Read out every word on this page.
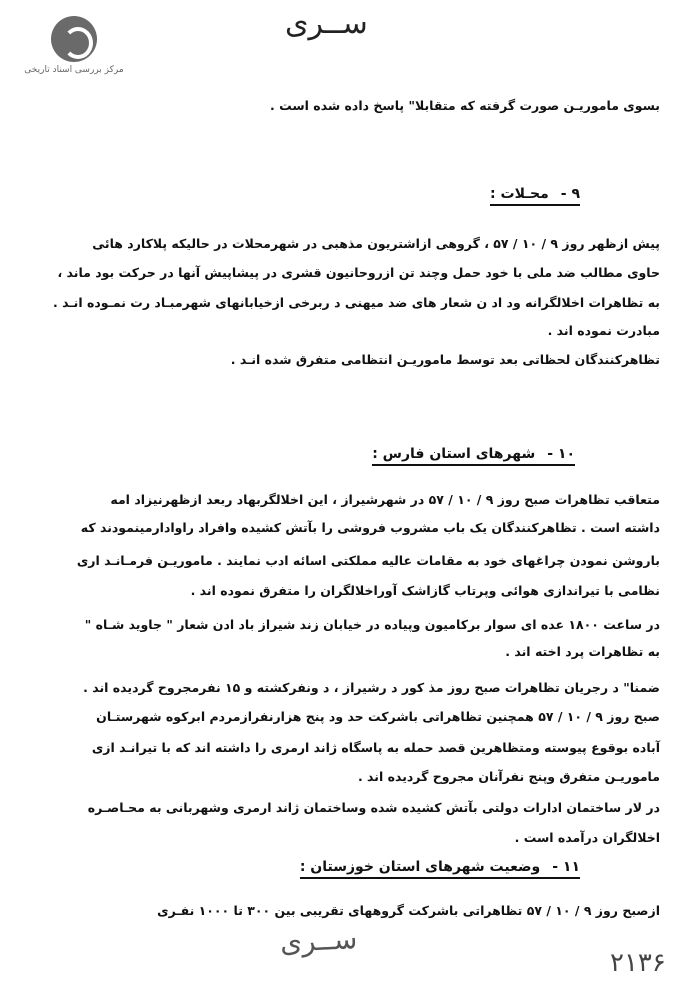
مرکز بررسی اسناد تاریخی
ســری
بسوی ماموریـن صورت گرفته که متقابلا" پاسخ داده شده است .
۹ -محـلات :
پیش ازظهر روز ۹ / ۱۰ / ۵۷ ، گروهی ازاشتریون مذهبی در شهرمحلات در حالیکه پلاکارد هائی
حاوی مطالب ضد ملی با خود حمل وچند تن ازروحانیون قشری در پیشاپیش آنها در حرکت بود ماند ،
به تظاهرات اخلالگرانه ود اد ن شعار های ضد میهنی د ربرخی ازخیابانهای شهرمبـاد رت نمـوده انـد .
مبادرت نموده اند .
تظاهرکنندگان لحظاتی بعد توسط ماموریـن انتظامی متفرق شده انـد .
۱۰ -شهرهای استان فارس :
متعاقب تظاهرات صبح روز ۹ / ۱۰ / ۵۷ در شهرشیراز ، این اخلالگربهاد ربعد ازظهرنیزاد امه
داشته است . تظاهرکنندگان یک باب مشروب فروشی را بآتش کشیده وافراد راوادارمینمودند که
باروشن نمودن چراغهای خود به مقامات عالیه مملکتی اسائه ادب نمایند . ماموریـن فرمـانـد اری
نظامی با تیراندازی هوائی وپرتاب گازاشک آوراخلالگران را متفرق نموده اند .
در ساعت ۱۸۰۰ عده ای سوار برکامیون وپیاده در خیابان زند شیراز باد ادن شعار " جاوید شـاه "
به تظاهرات پرد اخته اند .
ضمنا" د رجریان تظاهرات صبح روز مذ کور د رشیراز ، د ونفرکشته و ۱۵ نفرمجروح گردیده اند .
صبح روز ۹ / ۱۰ / ۵۷ همچنین تظاهراتی باشرکت حد ود پنج هزارنفرازمردم ابرکوه شهرستـان
آباده بوقوع پیوسته ومتظاهرین قصد حمله به پاسگاه ژاند ارمری را داشته اند که با تیرانـد ازی
ماموریـن متفرق وپنج نفرآنان مجروح گردیده اند .
در لار ساختمان ادارات دولتی بآتش کشیده شده وساختمان ژاند ارمری وشهربانی به محـاصـره
اخلالگران درآمده است .
۱۱ -وضعیت شهرهای استان خوزستان :
ازصبح روز ۹ / ۱۰ / ۵۷ تظاهراتی باشرکت گروههای تقریبی بین ۳۰۰ تا ۱۰۰۰ نفـری
ســری
۲۱۳۶
